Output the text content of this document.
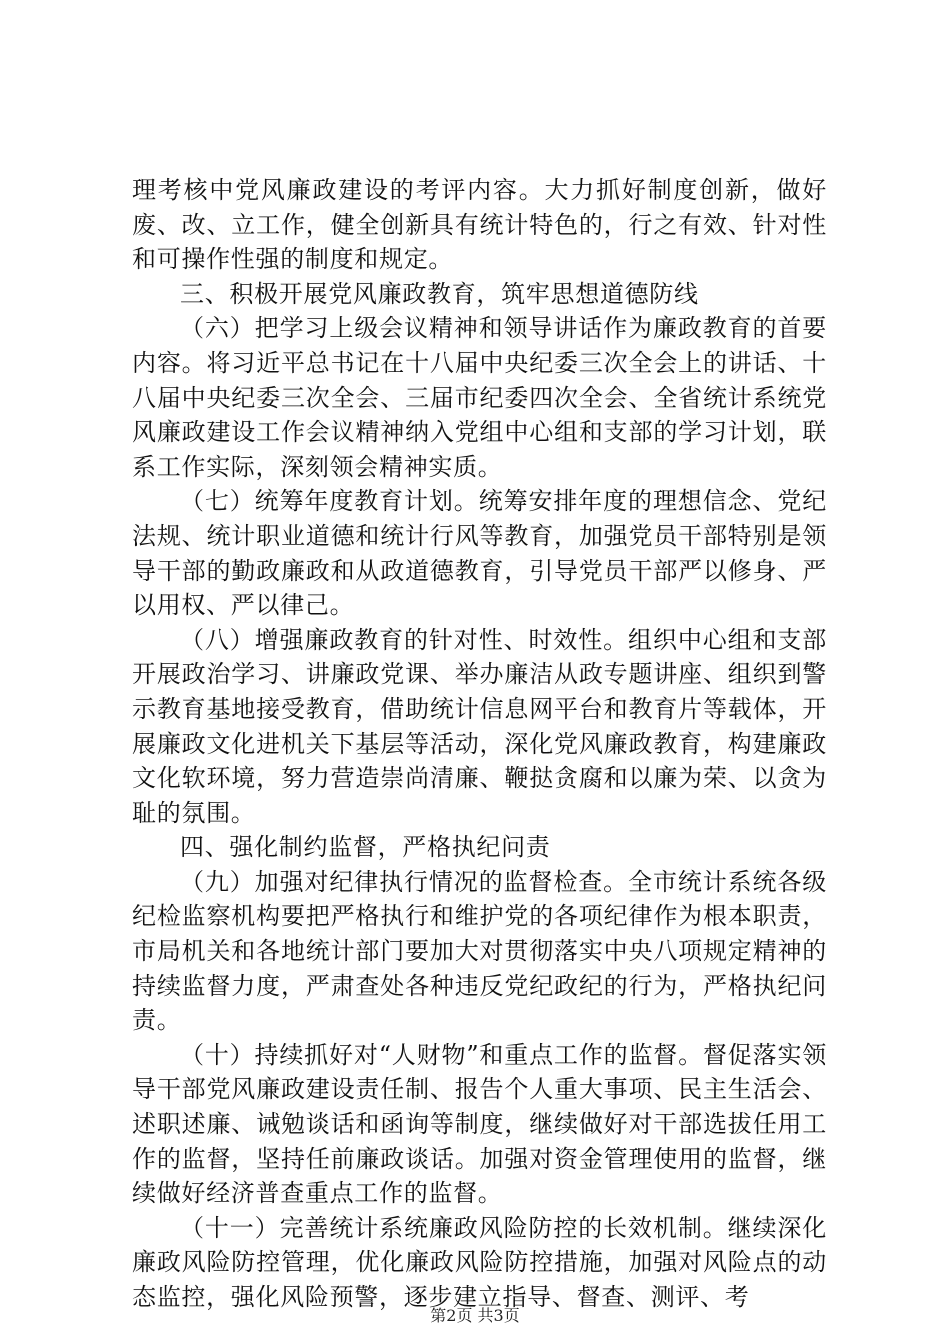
理考核中党风廉政建设的考评内容。大力抓好制度创新，做好废、改、立工作，健全创新具有统计特色的，行之有效、针对性和可操作性强的制度和规定。

三、积极开展党风廉政教育，筑牢思想道德防线

（六）把学习上级会议精神和领导讲话作为廉政教育的首要内容。将习近平总书记在十八届中央纪委三次全会上的讲话、十八届中央纪委三次全会、三届市纪委四次全会、全省统计系统党风廉政建设工作会议精神纳入党组中心组和支部的学习计划，联系工作实际，深刻领会精神实质。

（七）统筹年度教育计划。统筹安排年度的理想信念、党纪法规、统计职业道德和统计行风等教育，加强党员干部特别是领导干部的勤政廉政和从政道德教育，引导党员干部严以修身、严以用权、严以律己。

（八）增强廉政教育的针对性、时效性。组织中心组和支部开展政治学习、讲廉政党课、举办廉洁从政专题讲座、组织到警示教育基地接受教育，借助统计信息网平台和教育片等载体，开展廉政文化进机关下基层等活动，深化党风廉政教育，构建廉政文化软环境，努力营造崇尚清廉、鞭挞贪腐和以廉为荣、以贪为耻的氛围。

四、强化制约监督，严格执纪问责

（九）加强对纪律执行情况的监督检查。全市统计系统各级纪检监察机构要把严格执行和维护党的各项纪律作为根本职责，市局机关和各地统计部门要加大对贯彻落实中央八项规定精神的持续监督力度，严肃查处各种违反党纪政纪的行为，严格执纪问责。

（十）持续抓好对“人财物”和重点工作的监督。督促落实领导干部党风廉政建设责任制、报告个人重大事项、民主生活会、述职述廉、诫勉谈话和函询等制度，继续做好对干部选拔任用工作的监督，坚持任前廉政谈话。加强对资金管理使用的监督，继续做好经济普查重点工作的监督。

（十一）完善统计系统廉政风险防控的长效机制。继续深化廉政风险防控管理，优化廉政风险防控措施，加强对风险点的动态监控，强化风险预警，逐步建立指导、督查、测评、考

第2页 共3页
